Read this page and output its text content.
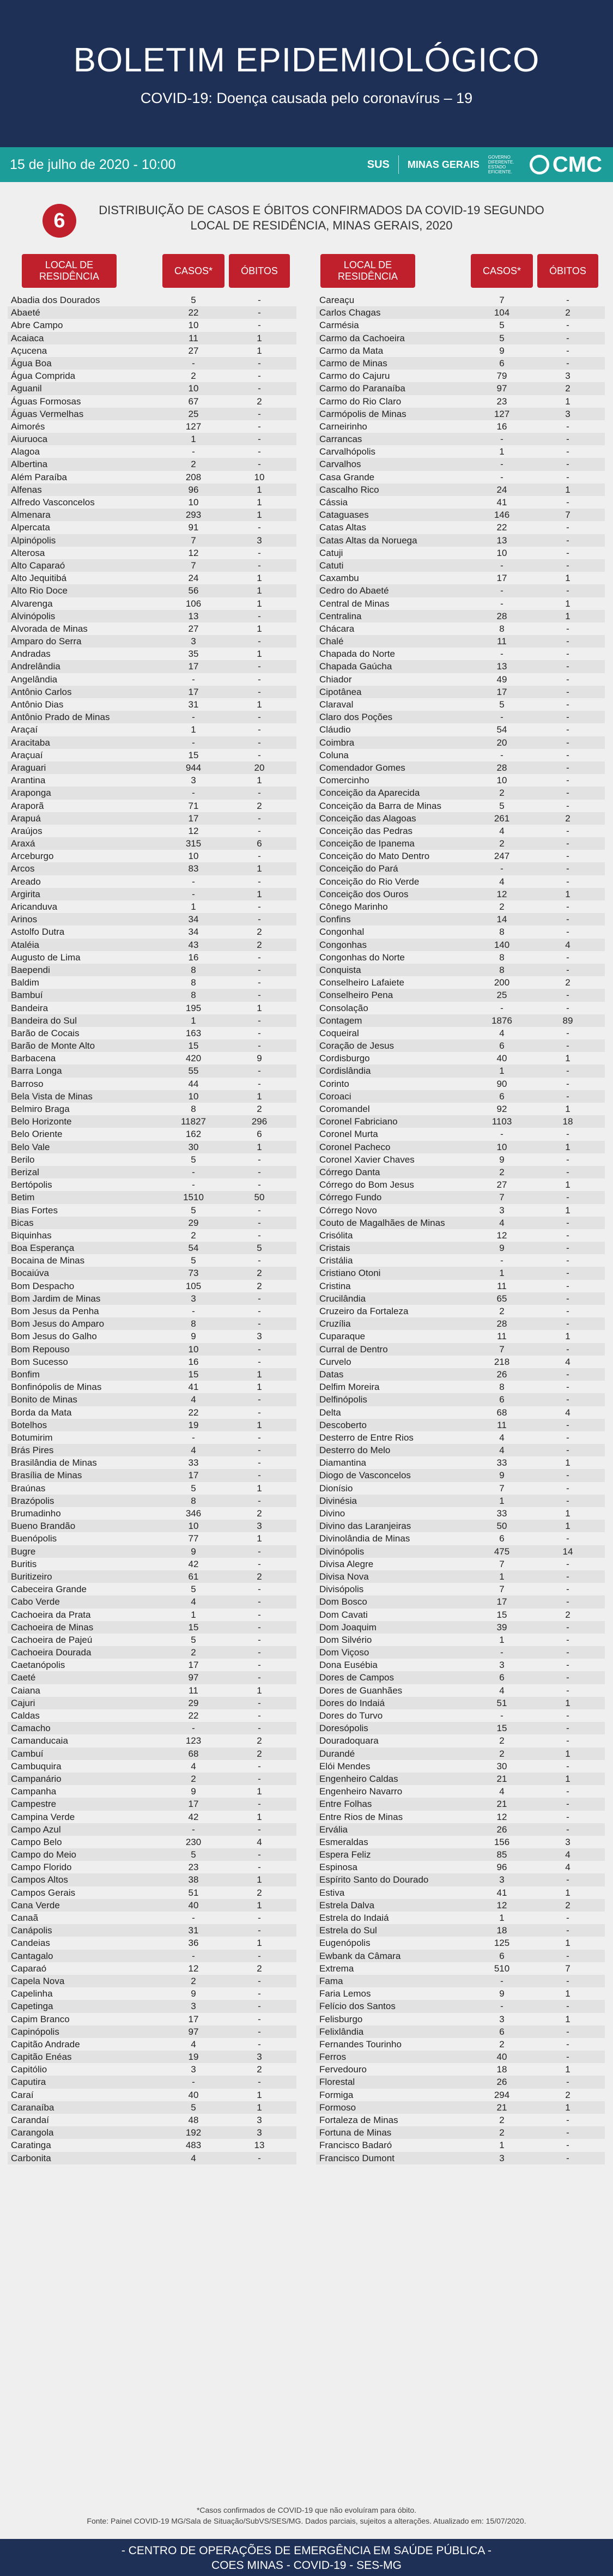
BOLETIM EPIDEMIOLÓGICO
COVID-19: Doença causada pelo coronavírus – 19
15 de julho de 2020 - 10:00	SUS MINAS GERAIS
GOVERNO DIFERENTE. ESTADO EFICIENTE.	CMC
6	DISTRIBUIÇÃO DE CASOS E ÓBITOS CONFIRMADOS DA COVID-19 SEGUNDO LOCAL DE RESIDÊNCIA, MINAS GERAIS, 2020
LOCAL DE RESIDÊNCIA
CASOS*	ÓBITOS
LOCAL DE RESIDÊNCIA
CASOS*	ÓBITOS
Abadia dos Dourados	5	-
Abaeté	22	-
Abre Campo	10	-
Acaiaca	11	1
Açucena	27	1
Água Boa	-	-
Água Comprida	2	-
Aguanil	10	-
Águas Formosas	67	2
Águas Vermelhas	25	-
Aimorés	127	-
Aiuruoca	1	-
Alagoa	-	-
Albertina	2	-
Além Paraíba	208	10
Alfenas	96	1
Alfredo Vasconcelos	10	1
Almenara	293	1
Alpercata	91	-
Alpinópolis	7	3
Alterosa	12	-
Alto Caparaó	7	-
Alto Jequitibá	24	1
Alto Rio Doce	56	1
Alvarenga	106	1
Alvinópolis	13	-
Alvorada de Minas	27	1
Amparo do Serra	3	-
Andradas	35	1
Andrelândia	17	-
Angelândia	-	-
Antônio Carlos	17	-
Antônio Dias	31	1
Antônio Prado de Minas	-	-
Araçaí	1	-
Aracitaba	-	-
Araçuaí	15	-
Araguari	944	20
Arantina	3	1
Araponga	-	-
Araporã	71	2
Arapuá	17	-
Araújos	12	-
Araxá	315	6
Arceburgo	10	-
Arcos	83	1
Areado	-	-
Argirita	-	1
Aricanduva	1	-
Arinos	34	-
Astolfo Dutra	34	2
Ataléia	43	2
Augusto de Lima	16	-
Baependi	8	-
Baldim	8	-
Bambuí	8	-
Bandeira	195	1
Bandeira do Sul	1	-
Barão de Cocais	163	-
Barão de Monte Alto	15	-
Barbacena	420	9
Barra Longa	55	-
Barroso	44	-
Bela Vista de Minas	10	1
Belmiro Braga	8	2
Belo Horizonte	11827	296
Belo Oriente	162	6
Belo Vale	30	1
Berilo	5	-
Berizal	-	-
Bertópolis	-	-
Betim	1510	50
Bias Fortes	5	-
Bicas	29	-
Biquinhas	2	-
Boa Esperança	54	5
Bocaina de Minas	5	-
Bocaiúva	73	2
Bom Despacho	105	2
Bom Jardim de Minas	3	-
Bom Jesus da Penha	-	-
Bom Jesus do Amparo	8	-
Bom Jesus do Galho	9	3
Bom Repouso	10	-
Bom Sucesso	16	-
Bonfim	15	1
Bonfinópolis de Minas	41	1
Bonito de Minas	4	-
Borda da Mata	22	-
Botelhos	19	1
Botumirim	-	-
Brás Pires	4	-
Brasilândia de Minas	33	-
Brasília de Minas	17	-
Braúnas	5	1
Brazópolis	8	-
Brumadinho	346	2
Bueno Brandão	10	3
Buenópolis	77	1
Bugre	9	-
Buritis	42	-
Buritizeiro	61	2
Cabeceira Grande	5	-
Cabo Verde	4	-
Cachoeira da Prata	1	-
Cachoeira de Minas	15	-
Cachoeira de Pajeú	5	-
Cachoeira Dourada	2	-
Caetanópolis	17	-
Caeté	97	-
Caiana	11	1
Cajuri	29	-
Caldas	22	-
Camacho	-	-
Camanducaia	123	2
Cambuí	68	2
Cambuquira	4	-
Campanário	2	-
Campanha	9	1
Campestre	17	-
Campina Verde	42	1
Campo Azul	-	-
Campo Belo	230	4
Campo do Meio	5	-
Campo Florido	23	-
Campos Altos	38	1
Campos Gerais	51	2
Cana Verde	40	1
Canaã	-	-
Canápolis	31	-
Candeias	36	1
Cantagalo	-	-
Caparaó	12	2
Capela Nova	2	-
Capelinha	9	-
Capetinga	3	-
Capim Branco	17	-
Capinópolis	97	-
Capitão Andrade	4	-
Capitão Enéas	19	3
Capitólio	3	2
Caputira	-	-
Caraí	40	1
Caranaíba	5	1
Carandaí	48	3
Carangola	192	3
Caratinga	483	13
Carbonita	4	-
Careaçu	7	-
Carlos Chagas	104	2
Carmésia	5	-
Carmo da Cachoeira	5	-
Carmo da Mata	9	-
Carmo de Minas	6	-
Carmo do Cajuru	79	3
Carmo do Paranaíba	97	2
Carmo do Rio Claro	23	1
Carmópolis de Minas	127	3
Carneirinho	16	-
Carrancas	-	-
Carvalhópolis	1	-
Carvalhos	-	-
Casa Grande	-	-
Cascalho Rico	24	1
Cássia	41	-
Cataguases	146	7
Catas Altas	22	-
Catas Altas da Noruega	13	-
Catuji	10	-
Catuti	-	-
Caxambu	17	1
Cedro do Abaeté	-	-
Central de Minas	-	1
Centralina	28	1
Chácara	8	-
Chalé	11	-
Chapada do Norte	-	-
Chapada Gaúcha	13	-
Chiador	49	-
Cipotânea	17	-
Claraval	5	-
Claro dos Poções	-	-
Cláudio	54	-
Coimbra	20	-
Coluna	-	-
Comendador Gomes	28	-
Comercinho	10	-
Conceição da Aparecida	2	-
Conceição da Barra de Minas	5	-
Conceição das Alagoas	261	2
Conceição das Pedras	4	-
Conceição de Ipanema	2	-
Conceição do Mato Dentro	247	-
Conceição do Pará	-	-
Conceição do Rio Verde	4	-
Conceição dos Ouros	12	1
Cônego Marinho	2	-
Confins	14	-
Congonhal	8	-
Congonhas	140	4
Congonhas do Norte	8	-
Conquista	8	-
Conselheiro Lafaiete	200	2
Conselheiro Pena	25	-
Consolação	-	-
Contagem	1876	89
Coqueiral	4	-
Coração de Jesus	6	-
Cordisburgo	40	1
Cordislândia	1	-
Corinto	90	-
Coroaci	6	-
Coromandel	92	1
Coronel Fabriciano	1103	18
Coronel Murta	-	-
Coronel Pacheco	10	1
Coronel Xavier Chaves	9	-
Córrego Danta	2	-
Córrego do Bom Jesus	27	1
Córrego Fundo	7	-
Córrego Novo	3	1
Couto de Magalhães de Minas	4	-
Crisólita	12	-
Cristais	9	-
Cristália	-	-
Cristiano Otoni	1	-
Cristina	11	-
Crucilândia	65	-
Cruzeiro da Fortaleza	2	-
Cruzília	28	-
Cuparaque	11	1
Curral de Dentro	7	-
Curvelo	218	4
Datas	26	-
Delfim Moreira	8	-
Delfinópolis	6	-
Delta	68	4
Descoberto	11	-
Desterro de Entre Rios	4	-
Desterro do Melo	4	-
Diamantina	33	1
Diogo de Vasconcelos	9	-
Dionísio	7	-
Divinésia	1	-
Divino	33	1
Divino das Laranjeiras	50	1
Divinolândia de Minas	6	-
Divinópolis	475	14
Divisa Alegre	7	-
Divisa Nova	1	-
Divisópolis	7	-
Dom Bosco	17	-
Dom Cavati	15	2
Dom Joaquim	39	-
Dom Silvério	1	-
Dom Viçoso	-	-
Dona Eusébia	3	-
Dores de Campos	6	-
Dores de Guanhães	4	-
Dores do Indaiá	51	1
Dores do Turvo	-	-
Doresópolis	15	-
Douradoquara	2	-
Durandé	2	1
Elói Mendes	30	-
Engenheiro Caldas	21	1
Engenheiro Navarro	4	-
Entre Folhas	21	-
Entre Rios de Minas	12	-
Ervália	26	-
Esmeraldas	156	3
Espera Feliz	85	4
Espinosa	96	4
Espírito Santo do Dourado	3	-
Estiva	41	1
Estrela Dalva	12	2
Estrela do Indaiá	1	-
Estrela do Sul	18	-
Eugenópolis	125	1
Ewbank da Câmara	6	-
Extrema	510	7
Fama	-	-
Faria Lemos	9	1
Felício dos Santos	-	-
Felisburgo	3	1
Felixlândia	6	-
Fernandes Tourinho	2	-
Ferros	40	-
Fervedouro	18	1
Florestal	26	-
Formiga	294	2
Formoso	21	1
Fortaleza de Minas	2	-
Fortuna de Minas	2	-
Francisco Badaró	1	-
Francisco Dumont	3	-
*Casos confirmados de COVID-19 que não evoluíram para óbito.
Fonte: Painel COVID-19 MG/Sala de Situação/SubVS/SES/MG. Dados parciais, sujeitos a alterações. Atualizado em: 15/07/2020.
- CENTRO DE OPERAÇÕES DE EMERGÊNCIA EM SAÚDE PÚBLICA -
COES MINAS - COVID-19 - SES-MG
